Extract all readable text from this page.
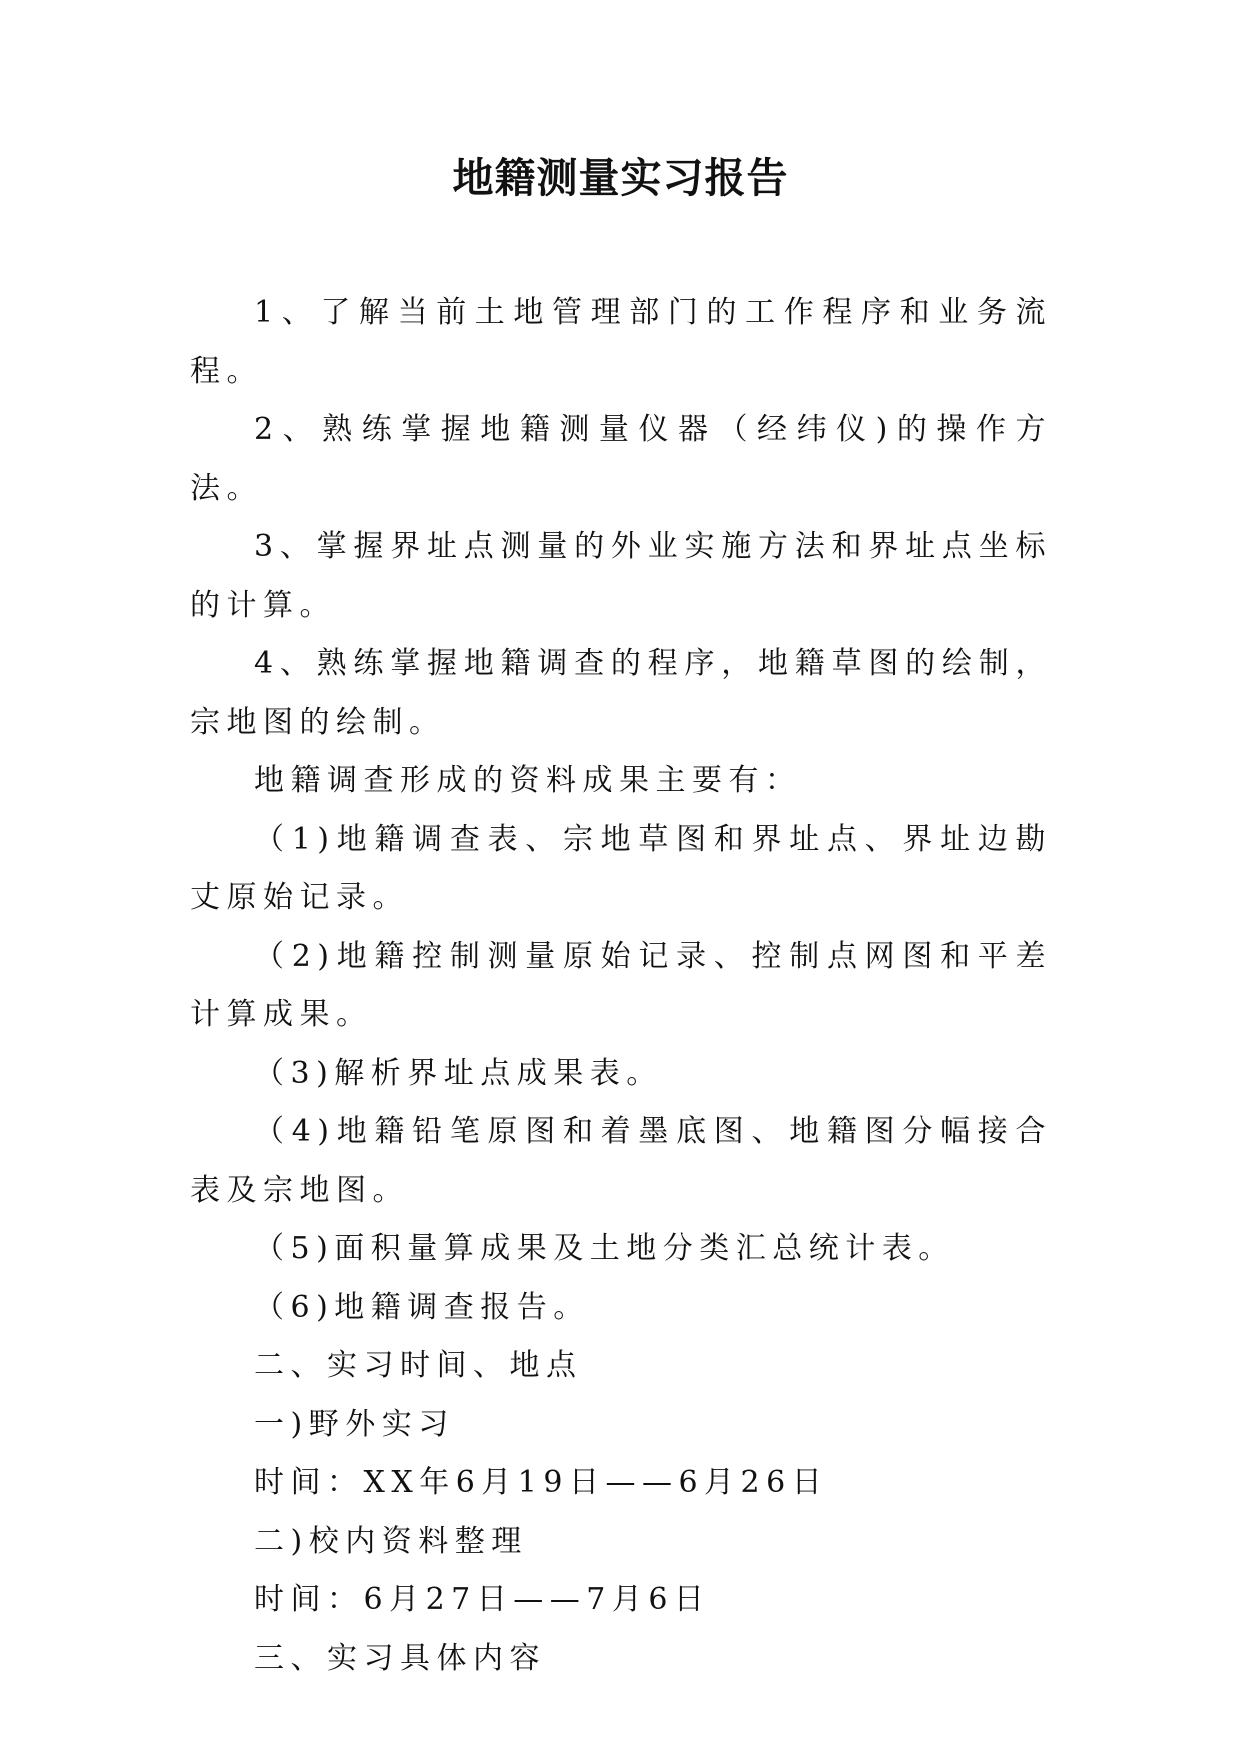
地籍测量实习报告

1、了解当前土地管理部门的工作程序和业务流程。

2、熟练掌握地籍测量仪器（经纬仪)的操作方法。

3、掌握界址点测量的外业实施方法和界址点坐标的计算。

4、熟练掌握地籍调查的程序，地籍草图的绘制，宗地图的绘制。

地籍调查形成的资料成果主要有：

（1)地籍调查表、宗地草图和界址点、界址边勘丈原始记录。

（2)地籍控制测量原始记录、控制点网图和平差计算成果。

（3)解析界址点成果表。

（4)地籍铅笔原图和着墨底图、地籍图分幅接合表及宗地图。

（5)面积量算成果及土地分类汇总统计表。

（6)地籍调查报告。

二、实习时间、地点

一)野外实习

时间：XX年6月19日——6月26日

二)校内资料整理

时间：6月27日——7月6日

三、实习具体内容
